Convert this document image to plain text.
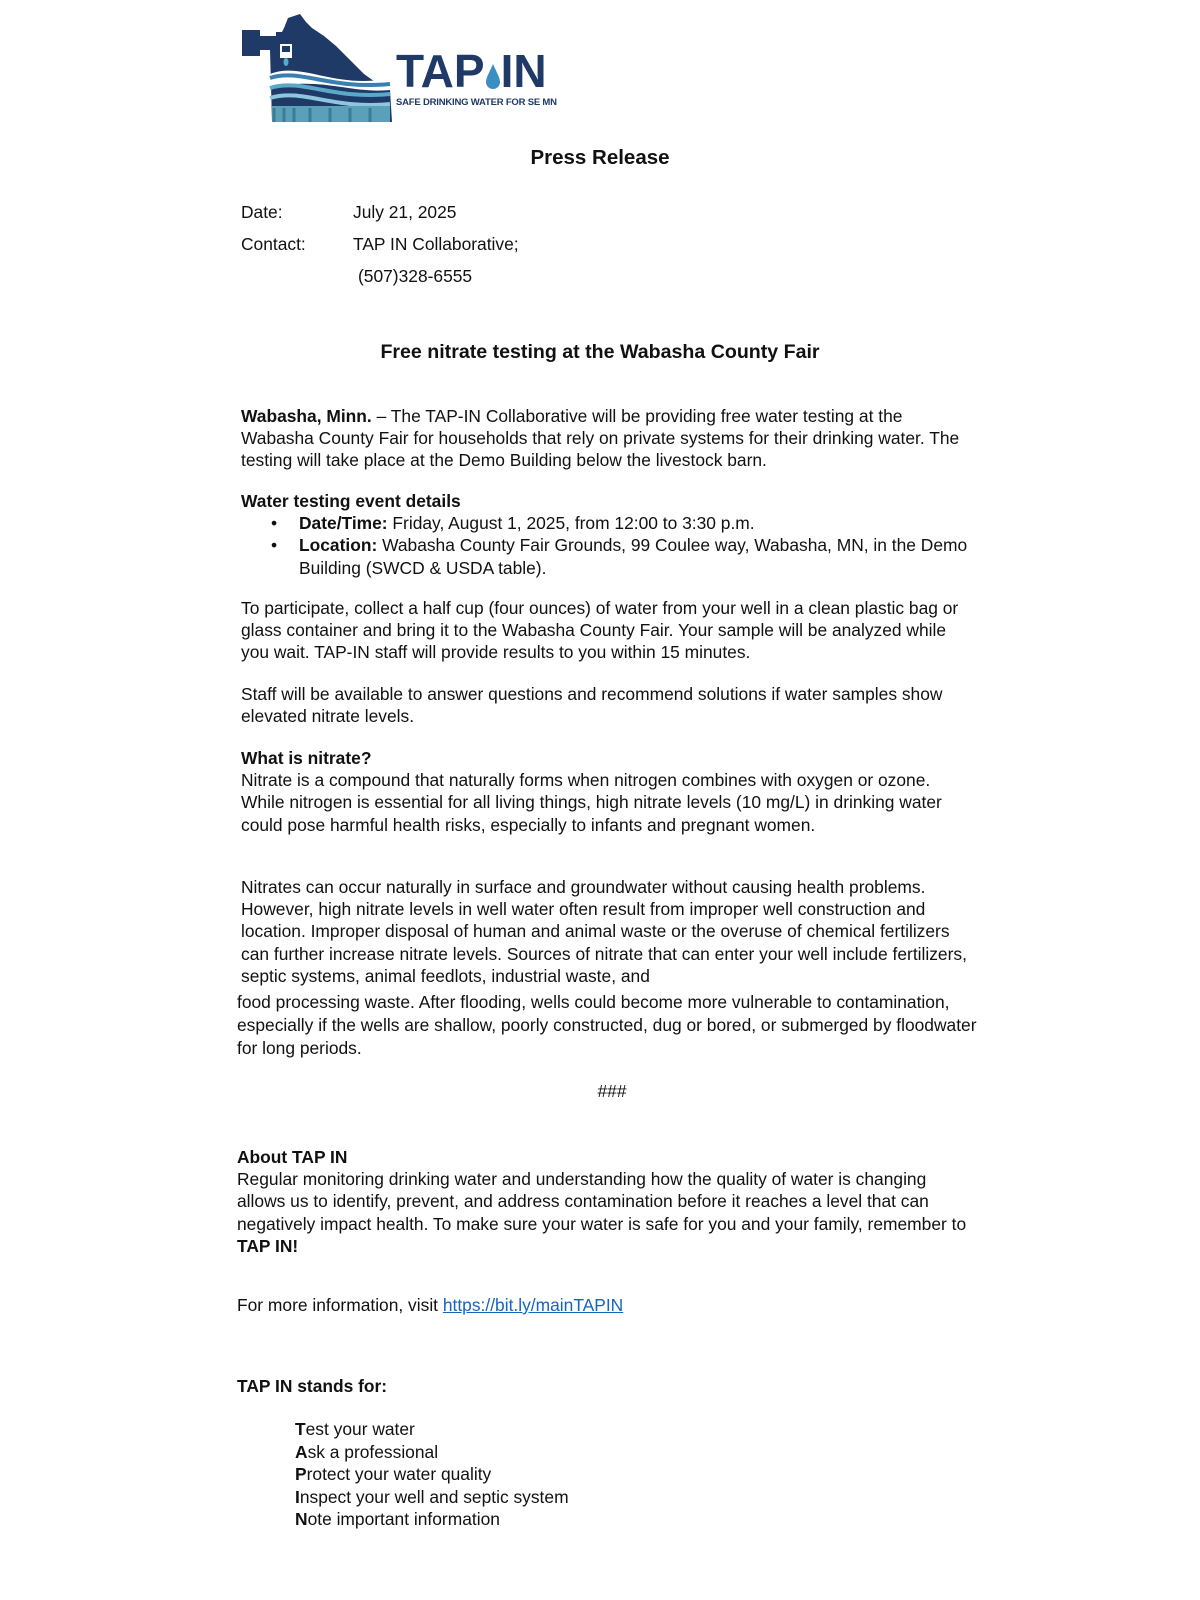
TAP IN
SAFE DRINKING WATER FOR SE MN
Press Release
Date:	July 21, 2025
Contact:	TAP IN Collaborative;
(507)328-6555
Free nitrate testing at the Wabasha County Fair

Wabasha, Minn. – The TAP-IN Collaborative will be providing free water testing at the Wabasha County Fair for households that rely on private systems for their drinking water. The testing will take place at the Demo Building below the livestock barn.

Water testing event details

• Date/Time: Friday, August 1, 2025, from 12:00 to 3:30 p.m.
• Location: Wabasha County Fair Grounds, 99 Coulee way, Wabasha, MN, in the Demo Building (SWCD & USDA table).

To participate, collect a half cup (four ounces) of water from your well in a clean plastic bag or glass container and bring it to the Wabasha County Fair. Your sample will be analyzed while you wait. TAP-IN staff will provide results to you within 15 minutes.

Staff will be available to answer questions and recommend solutions if water samples show elevated nitrate levels.

What is nitrate?

Nitrate is a compound that naturally forms when nitrogen combines with oxygen or ozone. While nitrogen is essential for all living things, high nitrate levels (10 mg/L) in drinking water could pose harmful health risks, especially to infants and pregnant women.

Nitrates can occur naturally in surface and groundwater without causing health problems. However, high nitrate levels in well water often result from improper well construction and location. Improper disposal of human and animal waste or the overuse of chemical fertilizers can further increase nitrate levels. Sources of nitrate that can enter your well include fertilizers, septic systems, animal feedlots, industrial waste, and

food processing waste. After flooding, wells could become more vulnerable to contamination, especially if the wells are shallow, poorly constructed, dug or bored, or submerged by floodwater for long periods.

###

About TAP IN

Regular monitoring drinking water and understanding how the quality of water is changing allows us to identify, prevent, and address contamination before it reaches a level that can negatively impact health. To make sure your water is safe for you and your family, remember to TAP IN!

For more information, visit https://bit.ly/mainTAPIN

TAP IN stands for:

Test your water
Ask a professional
Protect your water quality
Inspect your well and septic system
Note important information
